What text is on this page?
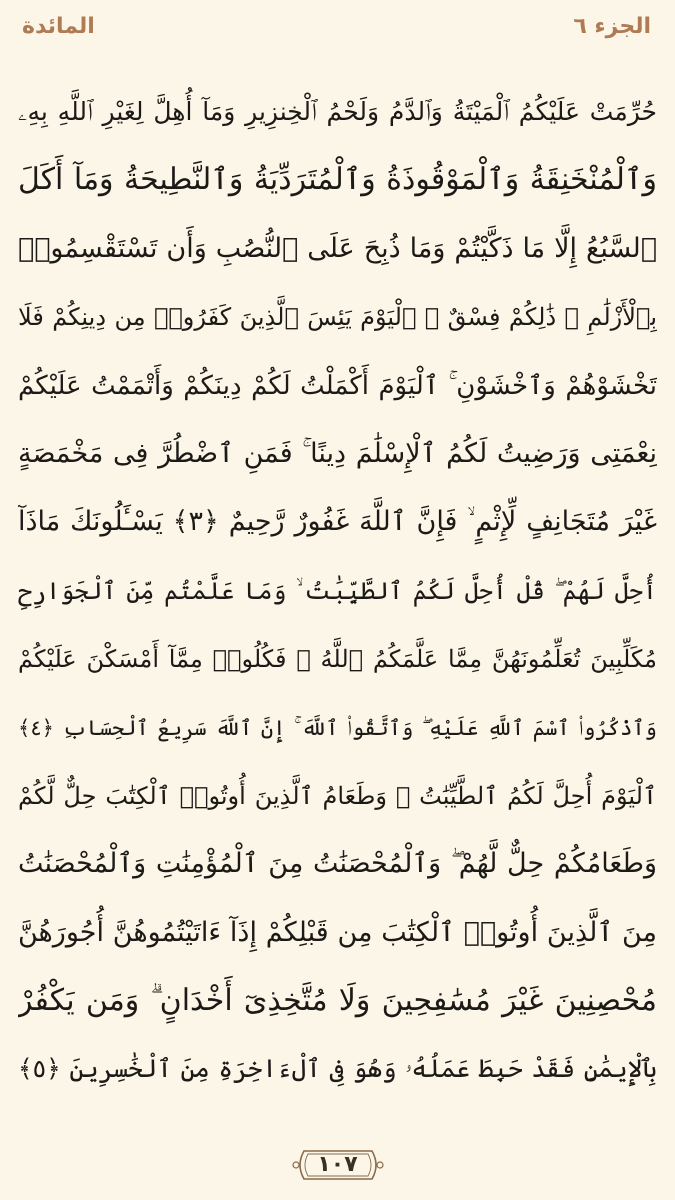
الجزء ٦
المائدة
حُرِّمَتْ عَلَيْكُمُ ٱلْمَيْتَةُ وَٱلدَّمُ وَلَحْمُ ٱلْخِنزِيرِ وَمَآ أُهِلَّ لِغَيْرِ ٱللَّهِ بِهِۦ
وَٱلْمُنْخَنِقَةُ وَٱلْمَوْقُوذَةُ وَٱلْمُتَرَدِّيَةُ وَٱلنَّطِيحَةُ وَمَآ أَكَلَ
ٱلسَّبُعُ إِلَّا مَا ذَكَّيْتُمْ وَمَا ذُبِحَ عَلَى ٱلنُّصُبِ وَأَن تَسْتَقْسِمُوا۟
بِٱلْأَزْلَٰمِ ۚ ذَٰلِكُمْ فِسْقٌ ۗ ٱلْيَوْمَ يَئِسَ ٱلَّذِينَ كَفَرُوا۟ مِن دِينِكُمْ فَلَا
تَخْشَوْهُمْ وَٱخْشَوْنِ ۚ ٱلْيَوْمَ أَكْمَلْتُ لَكُمْ دِينَكُمْ وَأَتْمَمْتُ عَلَيْكُمْ
نِعْمَتِى وَرَضِيتُ لَكُمُ ٱلْإِسْلَٰمَ دِينًا ۚ فَمَنِ ٱضْطُرَّ فِى مَخْمَصَةٍ
غَيْرَ مُتَجَانِفٍ لِّإِثْمٍ ۙ فَإِنَّ ٱللَّهَ غَفُورٌ رَّحِيمٌ ﴿٣﴾ يَسْـَٔلُونَكَ مَاذَآ
أُحِلَّ لَهُمْ ۖ قُلْ أُحِلَّ لَكُمُ ٱلطَّيِّبَٰتُ ۙ وَمَا عَلَّمْتُم مِّنَ ٱلْجَوَارِحِ
مُكَلِّبِينَ تُعَلِّمُونَهُنَّ مِمَّا عَلَّمَكُمُ ٱللَّهُ ۖ فَكُلُوا۟ مِمَّآ أَمْسَكْنَ عَلَيْكُمْ
وَٱذْكُرُوا۟ ٱسْمَ ٱللَّهِ عَلَيْهِ ۖ وَٱتَّقُوا۟ ٱللَّهَ ۚ إِنَّ ٱللَّهَ سَرِيعُ ٱلْحِسَابِ ﴿٤﴾
ٱلْيَوْمَ أُحِلَّ لَكُمُ ٱلطَّيِّبَٰتُ ۖ وَطَعَامُ ٱلَّذِينَ أُوتُوا۟ ٱلْكِتَٰبَ حِلٌّ لَّكُمْ
وَطَعَامُكُمْ حِلٌّ لَّهُمْ ۖ وَٱلْمُحْصَنَٰتُ مِنَ ٱلْمُؤْمِنَٰتِ وَٱلْمُحْصَنَٰتُ
مِنَ ٱلَّذِينَ أُوتُوا۟ ٱلْكِتَٰبَ مِن قَبْلِكُمْ إِذَآ ءَاتَيْتُمُوهُنَّ أُجُورَهُنَّ
مُحْصِنِينَ غَيْرَ مُسَٰفِحِينَ وَلَا مُتَّخِذِىٓ أَخْدَانٍ ۗ وَمَن يَكْفُرْ
بِٱلْإِيمَٰنِ فَقَدْ حَبِطَ عَمَلُهُۥ وَهُوَ فِى ٱلْءَاخِرَةِ مِنَ ٱلْخَٰسِرِينَ ﴿٥﴾
١٠٧
